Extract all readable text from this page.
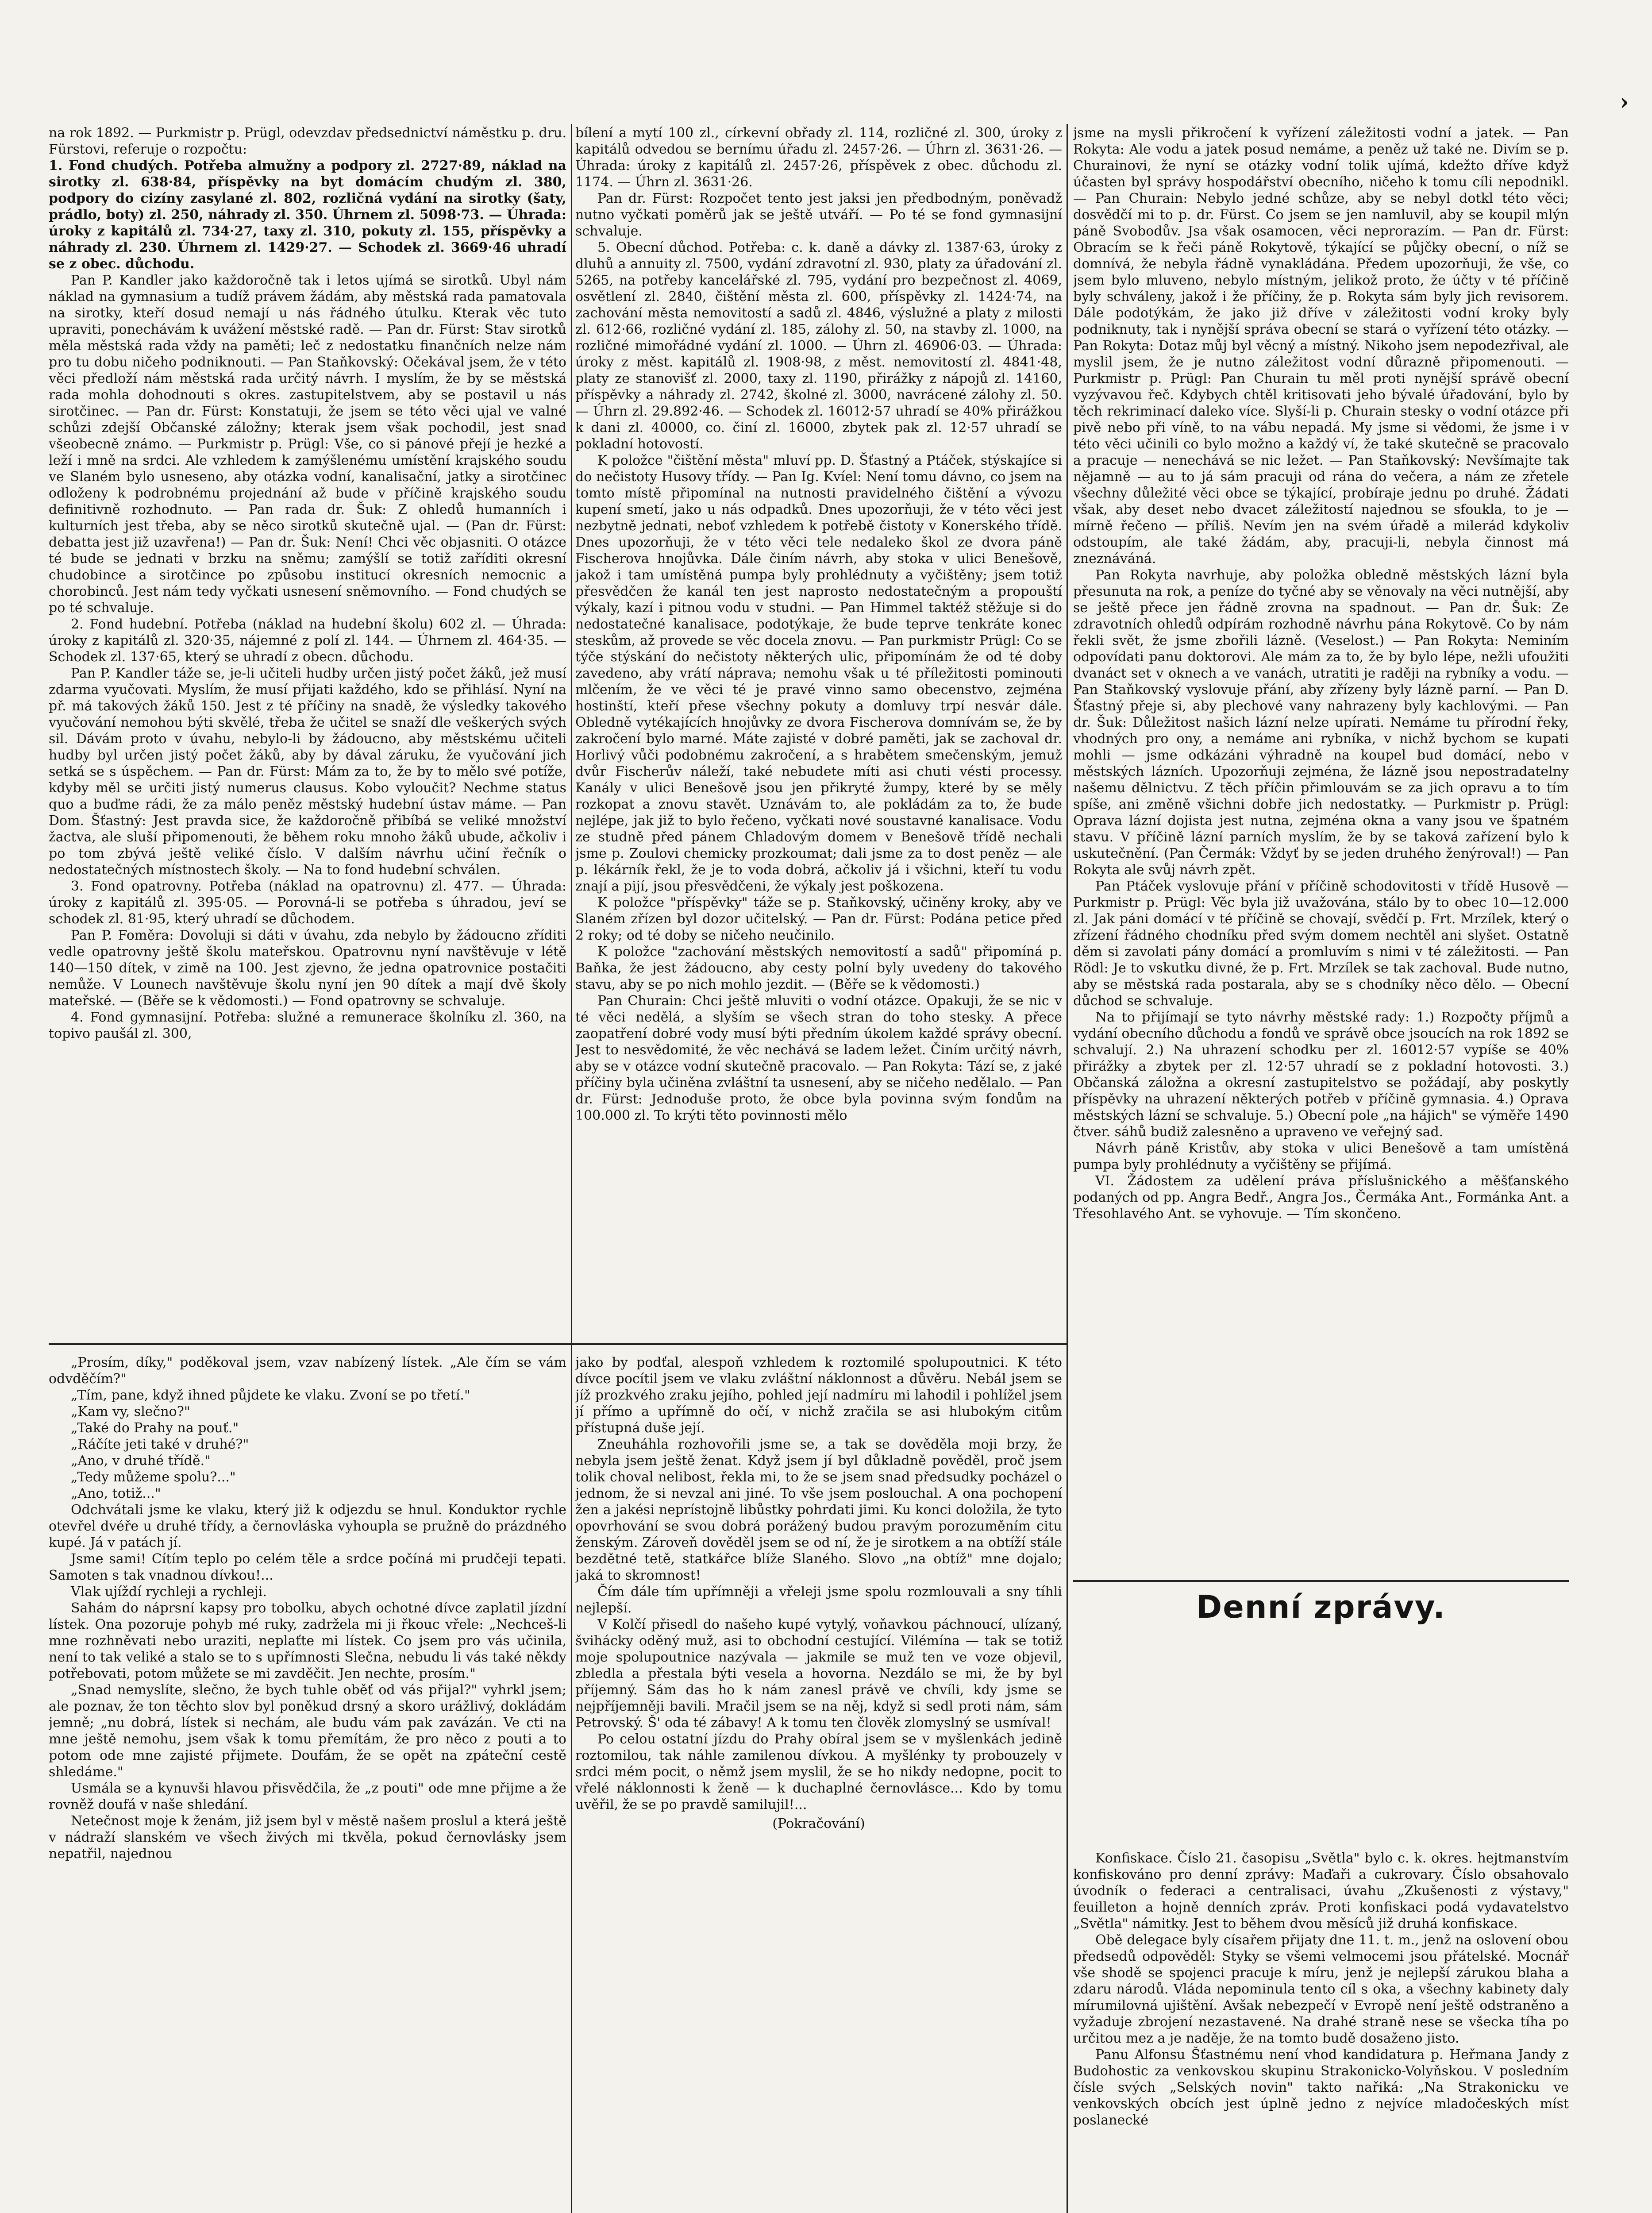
›

na rok 1892. — Purkmistr p. Prügl, odevzdav předsednictví náměstku p. dru. Fürstovi, referuje o rozpočtu:

1. Fond chudých. Potřeba almužny a podpory zl. 2727·89, náklad na sirotky zl. 638·84, příspěvky na byt domácím chudým zl. 380, podpory do cizíny zasylané zl. 802, rozličná vydání na sirotky (šaty, prádlo, boty) zl. 250, náhrady zl. 350. Úhrnem zl. 5098·73. — Úhrada: úroky z kapitálů zl. 734·27, taxy zl. 310, pokuty zl. 155, příspěvky a náhrady zl. 230. Úhrnem zl. 1429·27. — Schodek zl. 3669·46 uhradí se z obec. důchodu.

Pan P. Kandler jako každoročně tak i letos ujímá se sirotků. Ubyl nám náklad na gymnasium a tudíž právem žádám, aby městská rada pamatovala na sirotky, kteří dosud nemají u nás řádného útulku. Kterak věc tuto upraviti, ponechávám k uvážení městské radě. — Pan dr. Fürst: Stav sirotků měla městská rada vždy na paměti; leč z nedostatku finančních nelze nám pro tu dobu ničeho podniknouti. — Pan Staňkovský: Očekával jsem, že v této věci předloží nám městská rada určitý návrh. I myslím, že by se městská rada mohla dohodnouti s okres. zastupitelstvem, aby se postavil u nás sirotčinec. — Pan dr. Fürst: Konstatuji, že jsem se této věci ujal ve valné schůzi zdejší Občanské záložny; kterak jsem však pochodil, jest snad všeobecně známo. — Purkmistr p. Prügl: Vše, co si pánové přejí je hezké a leží i mně na srdci. Ale vzhledem k zamýšlenému umístění krajského soudu ve Slaném bylo usneseno, aby otázka vodní, kanalisační, jatky a sirotčinec odloženy k podrobnému projednání až bude v příčině krajského soudu definitivně rozhodnuto. — Pan rada dr. Šuk: Z ohledů humanních i kulturních jest třeba, aby se něco sirotků skutečně ujal. — (Pan dr. Fürst: debatta jest již uzavřena!) — Pan dr. Šuk: Není! Chci věc objasniti. O otázce té bude se jednati v brzku na sněmu; zamýšlí se totiž zaříditi okresní chudobince a sirotčince po způsobu institucí okresních nemocnic a chorobinců. Jest nám tedy vyčkati usnesení sněmovního. — Fond chudých se po té schvaluje.

2. Fond hudební. Potřeba (náklad na hudební školu) 602 zl. — Úhrada: úroky z kapitálů zl. 320·35, nájemné z polí zl. 144. — Úhrnem zl. 464·35. — Schodek zl. 137·65, který se uhradí z obecn. důchodu.

Pan P. Kandler táže se, je-li učiteli hudby určen jistý počet žáků, jež musí zdarma vyučovati. Myslím, že musí přijati každého, kdo se přihlásí. Nyní na př. má takových žáků 150. Jest z té příčiny na snadě, že výsledky takového vyučování nemohou býti skvělé, třeba že učitel se snaží dle veškerých svých sil. Dávám proto v úvahu, nebylo-li by žádoucno, aby městskému učiteli hudby byl určen jistý počet žáků, aby by dával záruku, že vyučování jich setká se s úspěchem. — Pan dr. Fürst: Mám za to, že by to mělo své potíže, kdyby měl se určiti jistý numerus clausus. Kobo vyloučit? Nechme status quo a buďme rádi, že za málo peněz městský hudební ústav máme. — Pan Dom. Šťastný: Jest pravda sice, že každoročně přibíbá se veliké množství žactva, ale sluší připomenouti, že během roku mnoho žáků ubude, ačkoliv i po tom zbývá ještě veliké číslo. V dalším návrhu učiní řečník o nedostatečných místnostech školy. — Na to fond hudební schválen.

3. Fond opatrovny. Potřeba (náklad na opatrovnu) zl. 477. — Úhrada: úroky z kapitálů zl. 395·05. — Porovná-li se potřeba s úhradou, jeví se schodek zl. 81·95, který uhradí se důchodem.

Pan P. Foměra: Dovoluji si dáti v úvahu, zda nebylo by žádoucno zříditi vedle opatrovny ještě školu mateřskou. Opatrovnu nyní navštěvuje v létě 140—150 dítek, v zimě na 100. Jest zjevno, že jedna opatrovnice postačiti nemůže. V Lounech navštěvuje školu nyní jen 90 dítek a mají dvě školy mateřské. — (Běře se k vědomosti.) — Fond opatrovny se schvaluje.

4. Fond gymnasijní. Potřeba: služné a remunerace školníku zl. 360, na topivo paušál zl. 300,

bílení a mytí 100 zl., církevní obřady zl. 114, rozličné zl. 300, úroky z kapitálů odvedou se bernímu úřadu zl. 2457·26. — Úhrn zl. 3631·26. — Úhrada: úroky z kapitálů zl. 2457·26, příspěvek z obec. důchodu zl. 1174. — Úhrn zl. 3631·26.

Pan dr. Fürst: Rozpočet tento jest jaksi jen předbodným, poněvadž nutno vyčkati poměrů jak se ještě utváří. — Po té se fond gymnasijní schvaluje.

5. Obecní důchod. Potřeba: c. k. daně a dávky zl. 1387·63, úroky z dluhů a annuity zl. 7500, vydání zdravotní zl. 930, platy za úřadování zl. 5265, na potřeby kancelářské zl. 795, vydání pro bezpečnost zl. 4069, osvětlení zl. 2840, čištění města zl. 600, příspěvky zl. 1424·74, na zachování města nemovitostí a sadů zl. 4846, výslužné a platy z milosti zl. 612·66, rozličné vydání zl. 185, zálohy zl. 50, na stavby zl. 1000, na rozličné mimořádné vydání zl. 1000. — Úhrn zl. 46906·03. — Úhrada: úroky z měst. kapitálů zl. 1908·98, z měst. nemovitostí zl. 4841·48, platy ze stanovišť zl. 2000, taxy zl. 1190, přirážky z nápojů zl. 14160, příspěvky a náhrady zl. 2742, školné zl. 3000, navrácené zálohy zl. 50. — Úhrn zl. 29.892·46. — Schodek zl. 16012·57 uhradí se 40% přirážkou k dani zl. 40000, co. činí zl. 16000, zbytek pak zl. 12·57 uhradí se pokladní hotovostí.

K položce "čištění města" mluví pp. D. Šťastný a Ptáček, stýskajíce si do nečistoty Husovy třídy. — Pan Ig. Kvíel: Není tomu dávno, co jsem na tomto místě připomínal na nutnosti pravidelného čištění a vývozu kupení smetí, jako u nás odpadků. Dnes upozorňuji, že v této věci jest nezbytně jednati, neboť vzhledem k potřebě čistoty v Konerského třídě. Dnes upozorňuji, že v této věci tele nedaleko škol ze dvora páně Fischerova hnojůvka. Dále činím návrh, aby stoka v ulici Benešově, jakož i tam umístěná pumpa byly prohlédnuty a vyčištěny; jsem totiž přesvědčen že kanál ten jest naprosto nedostatečným a propouští výkaly, kazí i pitnou vodu v studni. — Pan Himmel taktéž stěžuje si do nedostatečné kanalisace, podotýkaje, že bude teprve tenkráte konec steskům, až provede se věc docela znovu. — Pan purkmistr Prügl: Co se týče stýskání do nečistoty některých ulic, připomínám že od té doby zavedeno, aby vrátí náprava; nemohu však u té příležitosti pominouti mlčením, že ve věci té je pravé vinno samo obecenstvo, zejména hostinští, kteří přese všechny pokuty a domluvy trpí nesvár dále. Obledně vytékajících hnojůvky ze dvora Fischerova domnívám se, že by zakročení bylo marné. Máte zajisté v dobré paměti, jak se zachoval dr. Horlivý vůči podobnému zakročení, a s hrabětem smečenským, jemuž dvůr Fischerův náleží, také nebudete míti asi chuti vésti processy. Kanály v ulici Benešově jsou jen přikryté žumpy, které by se měly rozkopat a znovu stavět. Uznávám to, ale pokládám za to, že bude nejlépe, jak již to bylo řečeno, vyčkati nové soustavné kanalisace. Vodu ze studně před pánem Chladovým domem v Benešově třídě nechali jsme p. Zoulovi chemicky prozkoumat; dali jsme za to dost peněz — ale p. lékárník řekl, že je to voda dobrá, ačkoliv já i všichni, kteří tu vodu znají a pijí, jsou přesvědčeni, že výkaly jest poškozena.

K položce "příspěvky" táže se p. Staňkovský, učiněny kroky, aby ve Slaném zřízen byl dozor učitelský. — Pan dr. Fürst: Podána petice před 2 roky; od té doby se ničeho neučinilo.

K položce "zachování městských nemovitostí a sadů" připomíná p. Baňka, že jest žádoucno, aby cesty polní byly uvedeny do takového stavu, aby se po nich mohlo jezdit. — (Běře se k vědomosti.)

Pan Churain: Chci ještě mluviti o vodní otázce. Opakuji, že se nic v té věci nedělá, a slyším se všech stran do toho stesky. A přece zaopatření dobré vody musí býti předním úkolem každé správy obecní. Jest to nesvědomité, že věc nechává se ladem ležet. Činím určitý návrh, aby se v otázce vodní skutečně pracovalo. — Pan Rokyta: Tází se, z jaké příčiny byla učiněna zvláštní ta usnesení, aby se ničeho nedělalo. — Pan dr. Fürst: Jednoduše proto, že obce byla povinna svým fondům na 100.000 zl. To krýti těto povinnosti mělo

jsme na mysli přikročení k vyřízení záležitosti vodní a jatek. — Pan Rokyta: Ale vodu a jatek posud nemáme, a peněz už také ne. Divím se p. Churainovi, že nyní se otázky vodní tolik ujímá, kdežto dříve když účasten byl správy hospodářství obecního, ničeho k tomu cíli nepodnikl. — Pan Churain: Nebylo jedné schůze, aby se nebyl dotkl této věci; dosvědčí mi to p. dr. Fürst. Co jsem se jen namluvil, aby se koupil mlýn páně Svobodův. Jsa však osamocen, věci neprorazím. — Pan dr. Fürst: Obracím se k řeči páně Rokytově, týkající se půjčky obecní, o níž se domnívá, že nebyla řádně vynakládána. Předem upozorňuji, že vše, co jsem bylo mluveno, nebylo místným, jelikož proto, že účty v té příčině byly schváleny, jakož i že příčiny, že p. Rokyta sám byly jich revisorem. Dále podotýkám, že jako již dříve v záležitosti vodní kroky byly podniknuty, tak i nynější správa obecní se stará o vyřízení této otázky. — Pan Rokyta: Dotaz můj byl věcný a místný. Nikoho jsem nepodezřival, ale myslil jsem, že je nutno záležitost vodní důrazně připomenouti. — Purkmistr p. Prügl: Pan Churain tu měl proti nynější správě obecní vyzývavou řeč. Kdybych chtěl kritisovati jeho bývalé úřadování, bylo by těch rekriminací daleko více. Slyší-li p. Churain stesky o vodní otázce při pivě nebo při víně, to na vábu nepadá. My jsme si vědomi, že jsme i v této věci učinili co bylo možno a každý ví, že také skutečně se pracovalo a pracuje — nenechává se nic ležet. — Pan Staňkovský: Nevšímajte tak nějamně — au to já sám pracuji od rána do večera, a nám ze zřetele všechny důležité věci obce se týkající, probíraje jednu po druhé. Žádati však, aby deset nebo dvacet záležitostí najednou se sfoukla, to je — mírně řečeno — příliš. Nevím jen na svém úřadě a milerád kdykoliv odstoupím, ale také žádám, aby, pracuji-li, nebyla činnost má zneznáváná.

Pan Rokyta navrhuje, aby položka obledně městských lázní byla přesunuta na rok, a peníze do tyčné aby se věnovaly na věci nutnější, aby se ještě přece jen řádně zrovna na spadnout. — Pan dr. Šuk: Ze zdravotních ohledů odpírám rozhodně návrhu pána Rokytově. Co by nám řekli svět, že jsme zbořili lázně. (Veselost.) — Pan Rokyta: Neminím odpovídati panu doktorovi. Ale mám za to, že by bylo lépe, nežli ufoužiti dvanáct set v oknech a ve vanách, utratiti je raději na rybníky a vodu. — Pan Staňkovský vyslovuje přání, aby zřízeny byly lázně parní. — Pan D. Šťastný přeje si, aby plechové vany nahrazeny byly kachlovými. — Pan dr. Šuk: Důležitost našich lázní nelze upírati. Nemáme tu přírodní řeky, vhodných pro ony, a nemáme ani rybníka, v nichž bychom se kupati mohli — jsme odkázáni výhradně na koupel bud domácí, nebo v městských lázních. Upozorňuji zejména, že lázně jsou nepostradatelny našemu dělnictvu. Z těch příčin přimlouvám se za jich opravu a to tím spíše, ani změně všichni dobře jich nedostatky. — Purkmistr p. Prügl: Oprava lázní dojista jest nutna, zejména okna a vany jsou ve špatném stavu. V příčině lázní parních myslím, že by se taková zařízení bylo k uskutečnění. (Pan Čermák: Vždyť by se jeden druhého ženýroval!) — Pan Rokyta ale svůj návrh zpět.

Pan Ptáček vyslovuje přání v příčině schodovitosti v třídě Husově — Purkmistr p. Prügl: Věc byla již uvažována, stálo by to obec 10—12.000 zl. Jak páni domácí v té příčině se chovají, svědčí p. Frt. Mrzílek, který o zřízení řádného chodníku před svým domem nechtěl ani slyšet. Ostatně děm si zavolati pány domácí a promluvím s nimi v té záležitosti. — Pan Rödl: Je to vskutku divné, že p. Frt. Mrzílek se tak zachoval. Bude nutno, aby se městská rada postarala, aby se s chodníky něco dělo. — Obecní důchod se schvaluje.

Na to přijímají se tyto návrhy městské rady: 1.) Rozpočty příjmů a vydání obecního důchodu a fondů ve správě obce jsoucích na rok 1892 se schvalují. 2.) Na uhrazení schodku per zl. 16012·57 vypíše se 40% přirážky a zbytek per zl. 12·57 uhradí se z pokladní hotovosti. 3.) Občanská záložna a okresní zastupitelstvo se požádají, aby poskytly příspěvky na uhrazení některých potřeb v příčině gymnasia. 4.) Oprava městských lázní se schvaluje. 5.) Obecní pole „na hájich" se výměře 1490 čtver. sáhů budiž zalesněno a upraveno ve veřejný sad.

Návrh páně Kristův, aby stoka v ulici Benešově a tam umístěná pumpa byly prohlédnuty a vyčištěny se přijímá.

VI. Žádostem za udělení práva příslušnického a měšťanského podaných od pp. Angra Bedř., Angra Jos., Čermáka Ant., Formánka Ant. a Třesohlavého Ant. se vyhovuje. — Tím skončeno.

Denní zprávy.

Konfiskace. Číslo 21. časopisu „Světla" bylo c. k. okres. hejtmanstvím konfiskováno pro denní zprávy: Maďaři a cukrovary. Číslo obsahovalo úvodník o federaci a centralisaci, úvahu „Zkušenosti z výstavy," feuilleton a hojně denních zpráv. Proti konfiskaci podá vydavatelstvo „Světla" námitky. Jest to během dvou měsíců již druhá konfiskace.

Obě delegace byly císařem přijaty dne 11. t. m., jenž na oslovení obou předsedů odpověděl: Styky se všemi velmocemi jsou přátelské. Mocnář vše shodě se spojenci pracuje k míru, jenž je nejlepší zárukou blaha a zdaru národů. Vláda nepominula tento cíl s oka, a všechny kabinety daly mírumilovná ujištění. Avšak nebezpečí v Evropě není ještě odstraněno a vyžaduje zbrojení nezastavené. Na drahé straně nese se všecka tíha po určitou mez a je naděje, že na tomto budě dosaženo jisto.

Panu Alfonsu Šťastnému není vhod kandidatura p. Heřmana Jandy z Budohostic za venkovskou skupinu Strakonicko-Volyňskou. V posledním čísle svých „Selských novin" takto nařiká: „Na Strakonicku ve venkovských obcích jest úplně jedno z nejvíce mladočeských míst poslanecké

„Prosím, díky," poděkoval jsem, vzav nabízený lístek. „Ale čím se vám odvděčím?"

„Tím, pane, když ihned půjdete ke vlaku. Zvoní se po třetí."

„Kam vy, slečno?"

„Také do Prahy na pouť."

„Ráčíte jeti také v druhé?"

„Ano, v druhé třídě."

„Tedy můžeme spolu?..."

„Ano, totiž..."

Odchvátali jsme ke vlaku, který již k odjezdu se hnul. Konduktor rychle otevřel dvéře u druhé třídy, a černovláska vyhoupla se pružně do prázdného kupé. Já v patách jí.

Jsme sami! Cítím teplo po celém těle a srdce počíná mi prudčeji tepati. Samoten s tak vnadnou dívkou!...

Vlak ujíždí rychleji a rychleji.

Sahám do náprsní kapsy pro tobolku, abych ochotné dívce zaplatil jízdní lístek. Ona pozoruje pohyb mé ruky, zadržela mi ji řkouc vřele: „Nechceš-li mne rozhněvati nebo uraziti, neplaťte mi lístek. Co jsem pro vás učinila, není to tak veliké a stalo se to s upřímnosti Slečna, nebudu li vás také někdy potřebovati, potom můžete se mi zavděčit. Jen nechte, prosím."

„Snad nemyslíte, slečno, že bych tuhle oběť od vás přijal?" vyhrkl jsem; ale poznav, že ton těchto slov byl poněkud drsný a skoro urážlivý, dokládám jemně; „nu dobrá, lístek si nechám, ale budu vám pak zavázán. Ve cti na mne ještě nemohu, jsem však k tomu přemítám, že pro něco z pouti a to potom ode mne zajisté přijmete. Doufám, že se opět na zpáteční cestě shledáme."

Usmála se a kynuvši hlavou přisvědčila, že „z pouti" ode mne přijme a že rovněž doufá v naše shledání.

Netečnost moje k ženám, již jsem byl v městě našem proslul a která ještě v nádraží slanském ve všech živých mi tkvěla, pokud černovlásky jsem nepatřil, najednou

jako by podťal, alespoň vzhledem k roztomilé spolupoutnici. K této dívce pocítil jsem ve vlaku zvláštní náklonnost a důvěru. Nebál jsem se jíž prozkvého zraku jejího, pohled její nadmíru mi lahodil i pohlížel jsem jí přímo a upřímně do očí, v nichž zračila se asi hlubokým citům přístupná duše její.

Zneuháhla rozhovořili jsme se, a tak se dověděla moji brzy, že nebyla jsem ještě ženat. Když jsem jí byl důkladně pověděl, proč jsem tolik choval nelibost, řekla mi, to že se jsem snad předsudky pocházel o jednom, že si nevzal ani jiné. To vše jsem poslouchal. A ona pochopení žen a jakési neprístojně libůstky pohrdati jimi. Ku konci doložila, že tyto opovrhování se svou dobrá porážený budou pravým porozuměním citu ženským. Zároveň dověděl jsem se od ní, že je sirotkem a na obtíží stále bezdětné tetě, statkářce blíže Slaného. Slovo „na obtíž" mne dojalo; jaká to skromnost!

Čím dále tím upřímněji a vřeleji jsme spolu rozmlouvali a sny tíhli nejlepší.

V Kolčí přisedl do našeho kupé vytylý, voňavkou páchnoucí, ulízaný, švihácky oděný muž, asi to obchodní cestující. Vilémína — tak se totiž moje spolupoutnice nazývala — jakmile se muž ten ve voze objevil, zbledla a přestala býti vesela a hovorna. Nezdálo se mi, že by byl příjemný. Sám das ho k nám zanesl právě ve chvíli, kdy jsme se nejpříjemněji bavili. Mračil jsem se na něj, když si sedl proti nám, sám Petrovský. Š' oda té zábavy! A k tomu ten člověk zlomyslný se usmíval!

Po celou ostatní jízdu do Prahy obíral jsem se v myšlenkách jedině roztomilou, tak náhle zamilenou dívkou. A myšlénky ty probouzely v srdci mém pocit, o němž jsem myslil, že se ho nikdy nedopne, pocit to vřelé náklonnosti k ženě — k duchaplné černovlásce... Kdo by tomu uvěřil, že se po pravdě samilujil!...

(Pokračování)
